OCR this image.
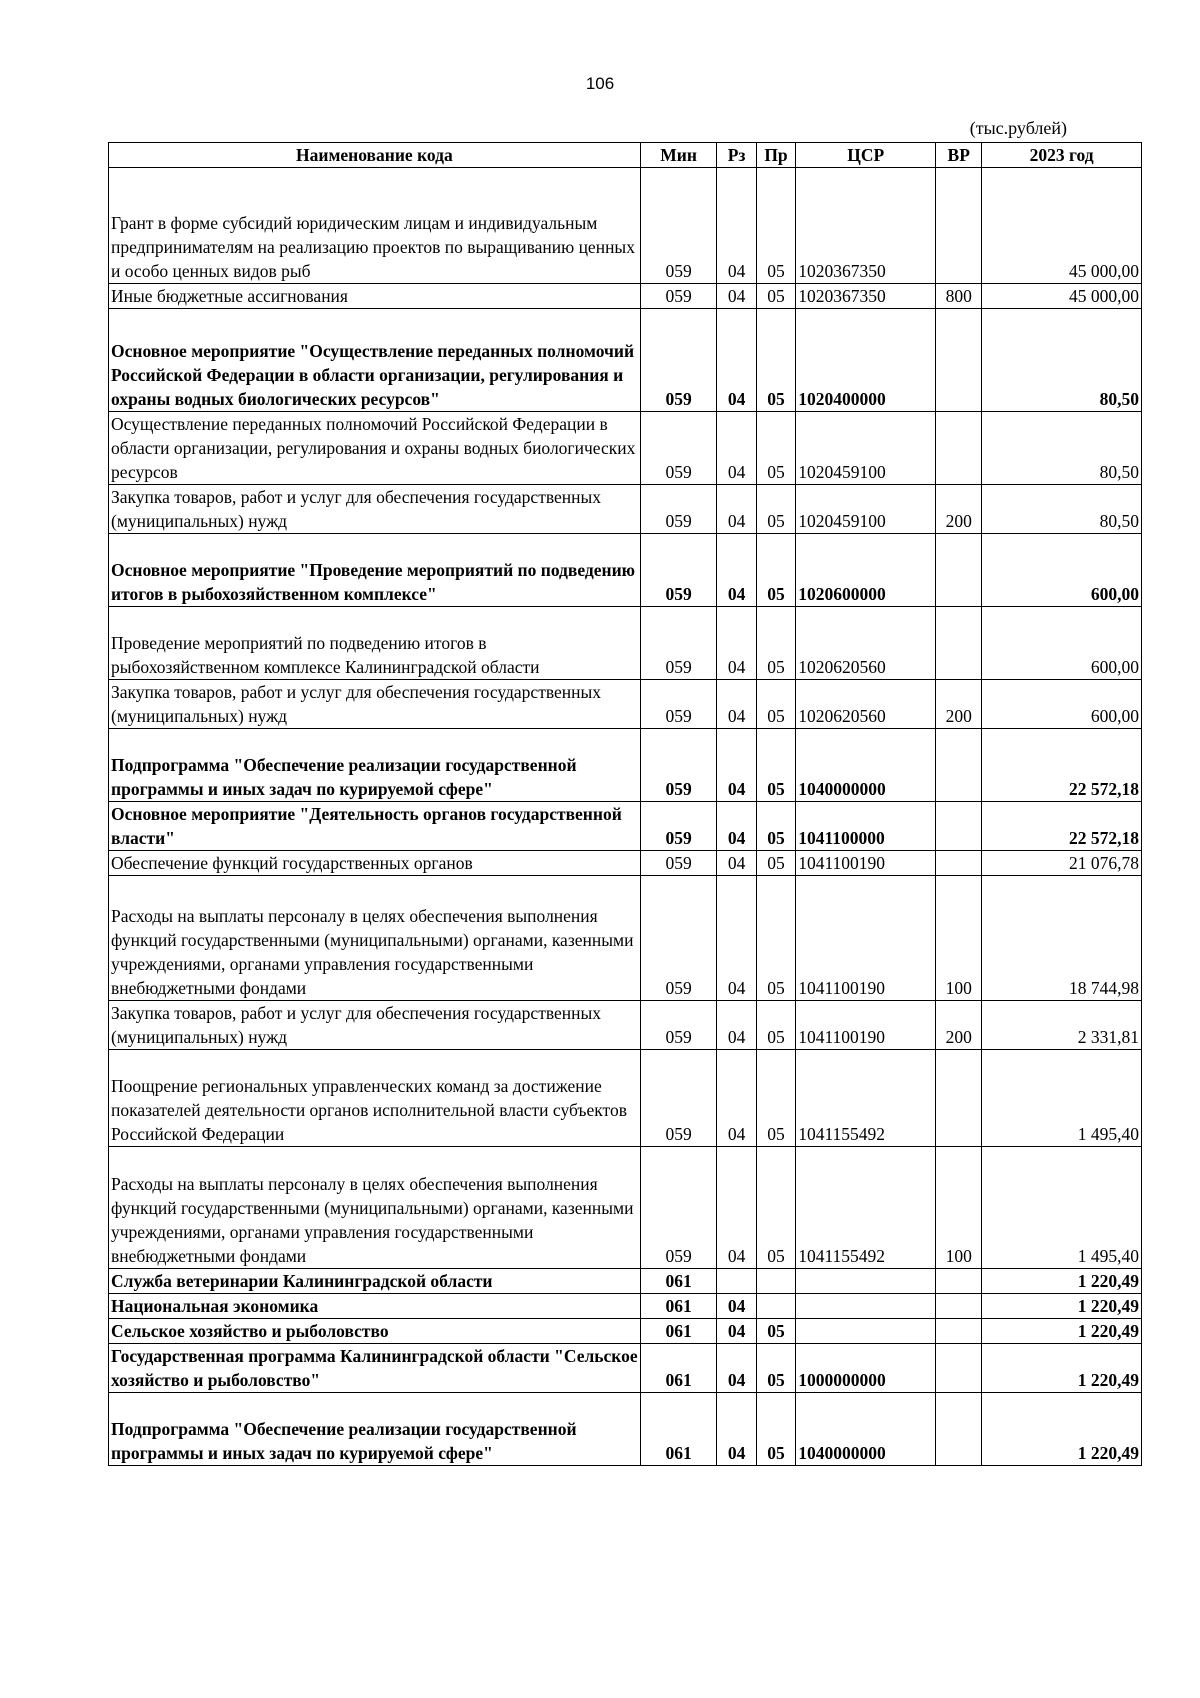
106
(тыс.рублей)
Наименование кода	Мин	Рз	Пр	ЦСР	ВР	2023 год
Грант в форме субсидий юридическим лицам и индивидуальным предпринимателям на реализацию проектов по выращиванию ценных и особо ценных видов рыб	059	04	05	1020367350		45 000,00
Иные бюджетные ассигнования	059	04	05	1020367350	800	45 000,00
Основное мероприятие "Осуществление переданных полномочий Российской Федерации в области организации, регулирования и охраны водных биологических ресурсов"	059	04	05	1020400000		80,50
Осуществление переданных полномочий Российской Федерации в области организации, регулирования и охраны водных биологических ресурсов	059	04	05	1020459100		80,50
Закупка товаров, работ и услуг для обеспечения государственных (муниципальных) нужд	059	04	05	1020459100	200	80,50
Основное мероприятие "Проведение мероприятий по подведению итогов в рыбохозяйственном комплексе"	059	04	05	1020600000		600,00
Проведение мероприятий по подведению итогов в рыбохозяйственном комплексе Калининградской области	059	04	05	1020620560		600,00
Закупка товаров, работ и услуг для обеспечения государственных (муниципальных) нужд	059	04	05	1020620560	200	600,00
Подпрограмма "Обеспечение реализации государственной программы и иных задач по курируемой сфере"	059	04	05	1040000000		22 572,18
Основное мероприятие "Деятельность органов государственной власти"	059	04	05	1041100000		22 572,18
Обеспечение функций государственных органов	059	04	05	1041100190		21 076,78
Расходы на выплаты персоналу в целях обеспечения выполнения функций государственными (муниципальными) органами, казенными учреждениями, органами управления государственными внебюджетными фондами	059	04	05	1041100190	100	18 744,98
Закупка товаров, работ и услуг для обеспечения государственных (муниципальных) нужд	059	04	05	1041100190	200	2 331,81
Поощрение региональных управленческих команд за достижение показателей деятельности органов исполнительной власти субъектов Российской Федерации	059	04	05	1041155492		1 495,40
Расходы на выплаты персоналу в целях обеспечения выполнения функций государственными (муниципальными) органами, казенными учреждениями, органами управления государственными внебюджетными фондами	059	04	05	1041155492	100	1 495,40
Служба ветеринарии Калининградской области	061					1 220,49
Национальная экономика	061	04				1 220,49
Сельское хозяйство и рыболовство	061	04	05			1 220,49
Государственная программа Калининградской области "Сельское хозяйство и рыболовство"	061	04	05	1000000000		1 220,49
Подпрограмма "Обеспечение реализации государственной программы и иных задач по курируемой сфере"	061	04	05	1040000000		1 220,49
